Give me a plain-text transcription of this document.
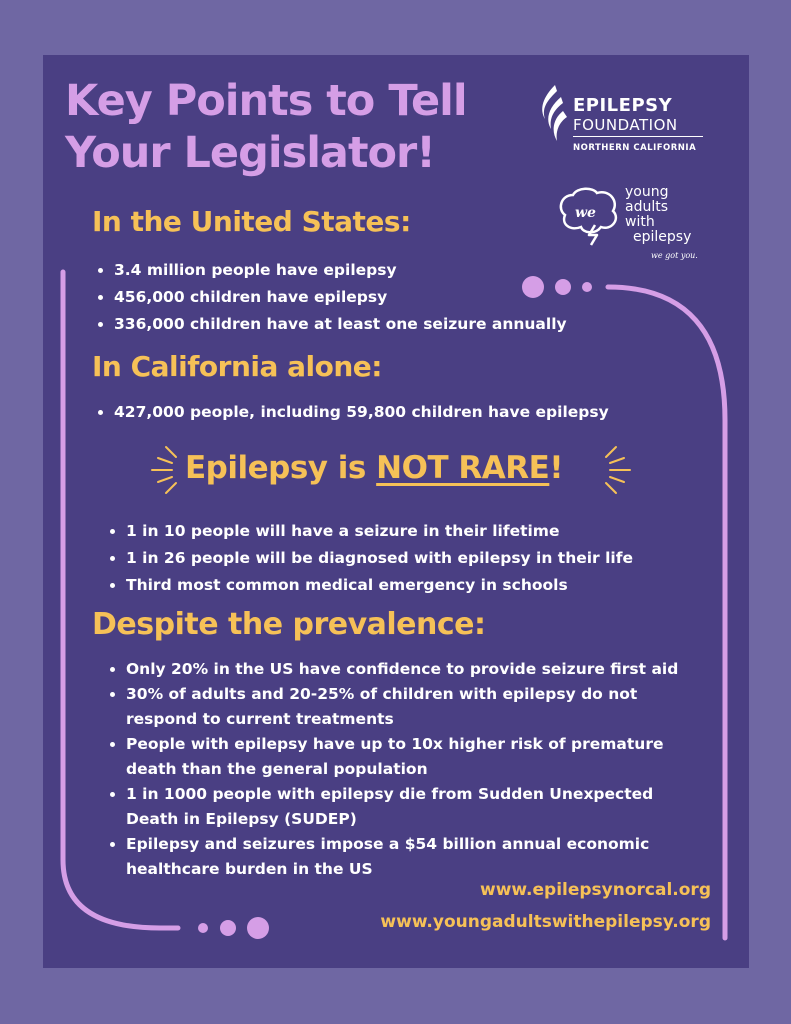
Key Points to Tell
Your Legislator!
EPILEPSY
FOUNDATION
NORTHERN CALIFORNIA
we
young
adults
with
epilepsy
we got you.
In the United States:
• 3.4 million people have epilepsy
• 456,000 children have epilepsy
• 336,000 children have at least one seizure annually
In California alone:
• 427,000 people, including 59,800 children have epilepsy

Epilepsy is NOT RARE!

• 1 in 10 people will have a seizure in their lifetime
• 1 in 26 people will be diagnosed with epilepsy in their life
• Third most common medical emergency in schools
Despite the prevalence:
• Only 20% in the US have confidence to provide seizure first aid
• 30% of adults and 20-25% of children with epilepsy do not respond to current treatments
• People with epilepsy have up to 10x higher risk of premature death than the general population
• 1 in 1000 people with epilepsy die from Sudden Unexpected Death in Epilepsy (SUDEP)
• Epilepsy and seizures impose a $54 billion annual economic healthcare burden in the US

www.epilepsynorcal.org

www.youngadultswithepilepsy.org
